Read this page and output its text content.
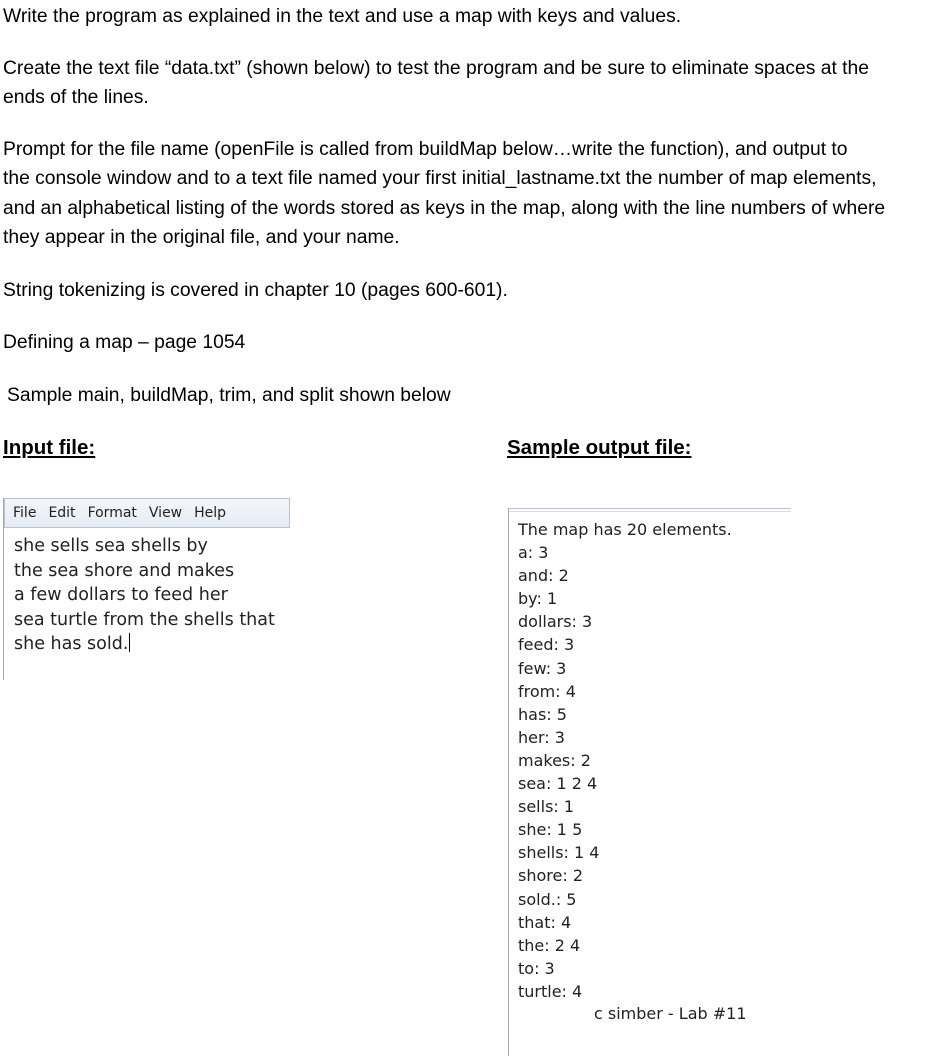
Write the program as explained in the text and use a map with keys and values.

Create the text file “data.txt” (shown below) to test the program and be sure to eliminate spaces at the

ends of the lines.

Prompt for the file name (openFile is called from buildMap below…write the function), and output to

the console window and to a text file named your first initial_lastname.txt the number of map elements,

and an alphabetical listing of the words stored as keys in the map, along with the line numbers of where

they appear in the original file, and your name.

String tokenizing is covered in chapter 10 (pages 600-601).

Defining a map – page 1054

Sample main, buildMap, trim, and split shown below

Input file:	Sample output file:

File Edit Format View Help
she sells sea shells by
the sea shore and makes
a few dollars to feed her
sea turtle from the shells that
she has sold.
The map has 20 elements.
a: 3
and: 2
by: 1
dollars: 3
feed: 3
few: 3
from: 4
has: 5
her: 3
makes: 2
sea: 1 2 4
sells: 1
she: 1 5
shells: 1 4
shore: 2
sold.: 5
that: 4
the: 2 4
to: 3
turtle: 4
c simber - Lab #11
